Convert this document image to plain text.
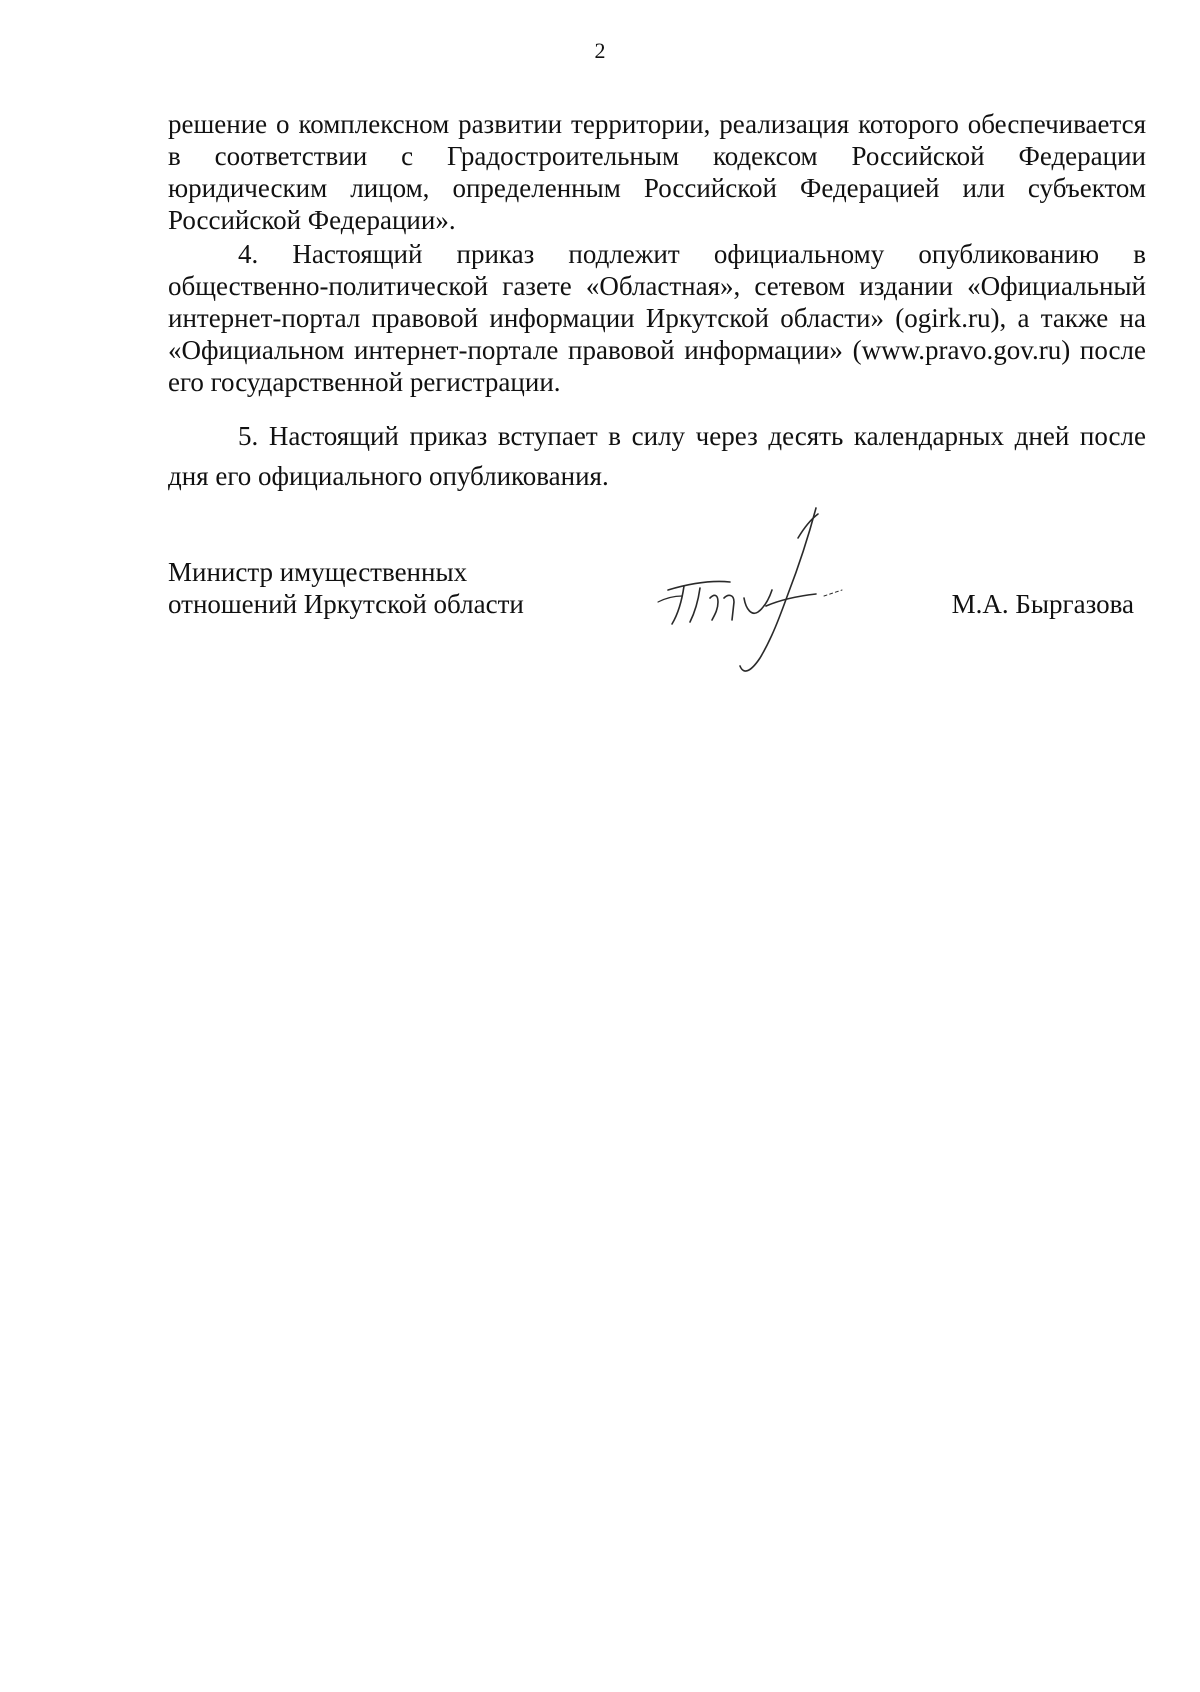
2

решение о комплексном развитии территории, реализация которого обеспечивается в соответствии с Градостроительным кодексом Российской Федерации юридическим лицом, определенным Российской Федерацией или субъектом Российской Федерации».

4. Настоящий приказ подлежит официальному опубликованию в общественно-политической газете «Областная», сетевом издании «Официальный интернет-портал правовой информации Иркутской области» (ogirk.ru), а также на «Официальном интернет-портале правовой информации» (www.pravo.gov.ru) после его государственной регистрации.

5. Настоящий приказ вступает в силу через десять календарных дней после дня его официального опубликования.

Министр имущественных
отношений Иркутской области	М.А. Быргазова
